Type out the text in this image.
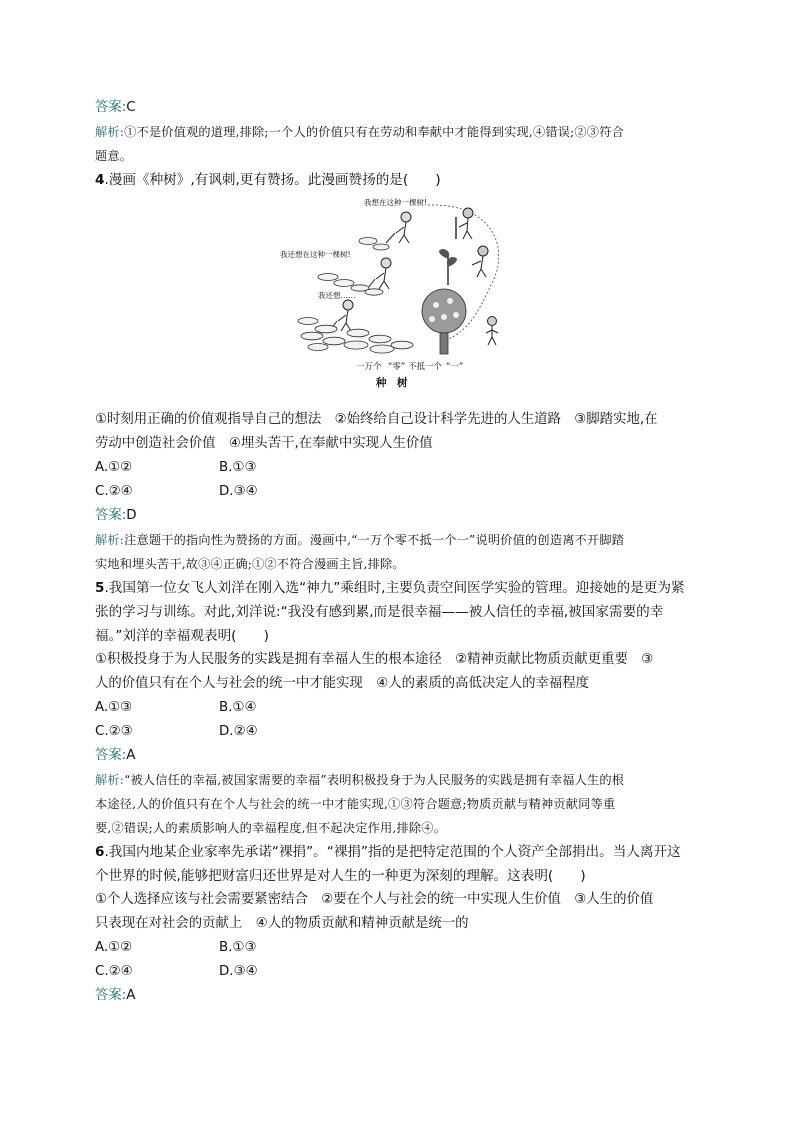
答案:C
解析:①不是价值观的道理,排除;一个人的价值只有在劳动和奉献中才能得到实现,④错误;②③符合
题意。
4.漫画《种树》,有讽刺,更有赞扬。此漫画赞扬的是(　　)
我想在这种一棵树!
我还想在这种一棵树!
我还想……
一万个 “零” 不抵一个 “一”
种　树
①时刻用正确的价值观指导自己的想法　②始终给自己设计科学先进的人生道路　③脚踏实地,在
劳动中创造社会价值　④埋头苦干,在奉献中实现人生价值
A.①②	B.①③
C.②④	D.③④
答案:D
解析:注意题干的指向性为赞扬的方面。漫画中,“一万个零不抵一个一”说明价值的创造离不开脚踏
实地和埋头苦干,故③④正确;①②不符合漫画主旨,排除。
5.我国第一位女飞人刘洋在刚入选“神九”乘组时,主要负责空间医学实验的管理。迎接她的是更为紧
张的学习与训练。对此,刘洋说:“我没有感到累,而是很幸福——被人信任的幸福,被国家需要的幸
福。”刘洋的幸福观表明(　　)
①积极投身于为人民服务的实践是拥有幸福人生的根本途径　②精神贡献比物质贡献更重要　③
人的价值只有在个人与社会的统一中才能实现　④人的素质的高低决定人的幸福程度
A.①③	B.①④
C.②③	D.②④
答案:A
解析:“被人信任的幸福,被国家需要的幸福”表明积极投身于为人民服务的实践是拥有幸福人生的根
本途径,人的价值只有在个人与社会的统一中才能实现,①③符合题意;物质贡献与精神贡献同等重
要,②错误;人的素质影响人的幸福程度,但不起决定作用,排除④。
6.我国内地某企业家率先承诺“裸捐”。“裸捐”指的是把特定范围的个人资产全部捐出。当人离开这
个世界的时候,能够把财富归还世界是对人生的一种更为深刻的理解。这表明(　　)
①个人选择应该与社会需要紧密结合　②要在个人与社会的统一中实现人生价值　③人生的价值
只表现在对社会的贡献上　④人的物质贡献和精神贡献是统一的
A.①②	B.①③
C.②④	D.③④
答案:A
